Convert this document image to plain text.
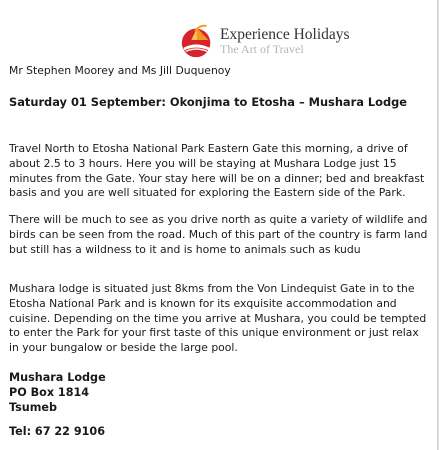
Experience Holidays
The Art of Travel
Mr Stephen Moorey and Ms Jill Duquenoy
Saturday 01 September: Okonjima to Etosha – Mushara Lodge

Travel North to Etosha National Park Eastern Gate this morning, a drive of about 2.5 to 3 hours. Here you will be staying at Mushara Lodge just 15 minutes from the Gate. Your stay here will be on a dinner; bed and breakfast basis and you are well situated for exploring the Eastern side of the Park.

There will be much to see as you drive north as quite a variety of wildlife and birds can be seen from the road. Much of this part of the country is farm land but still has a wildness to it and is home to animals such as kudu

Mushara lodge is situated just 8kms from the Von Lindequist Gate in to the Etosha National Park and is known for its exquisite accommodation and cuisine. Depending on the time you arrive at Mushara, you could be tempted to enter the Park for your first taste of this unique environment or just relax in your bungalow or beside the large pool.

Mushara Lodge
PO Box 1814
Tsumeb
Tel: 67 22 9106
